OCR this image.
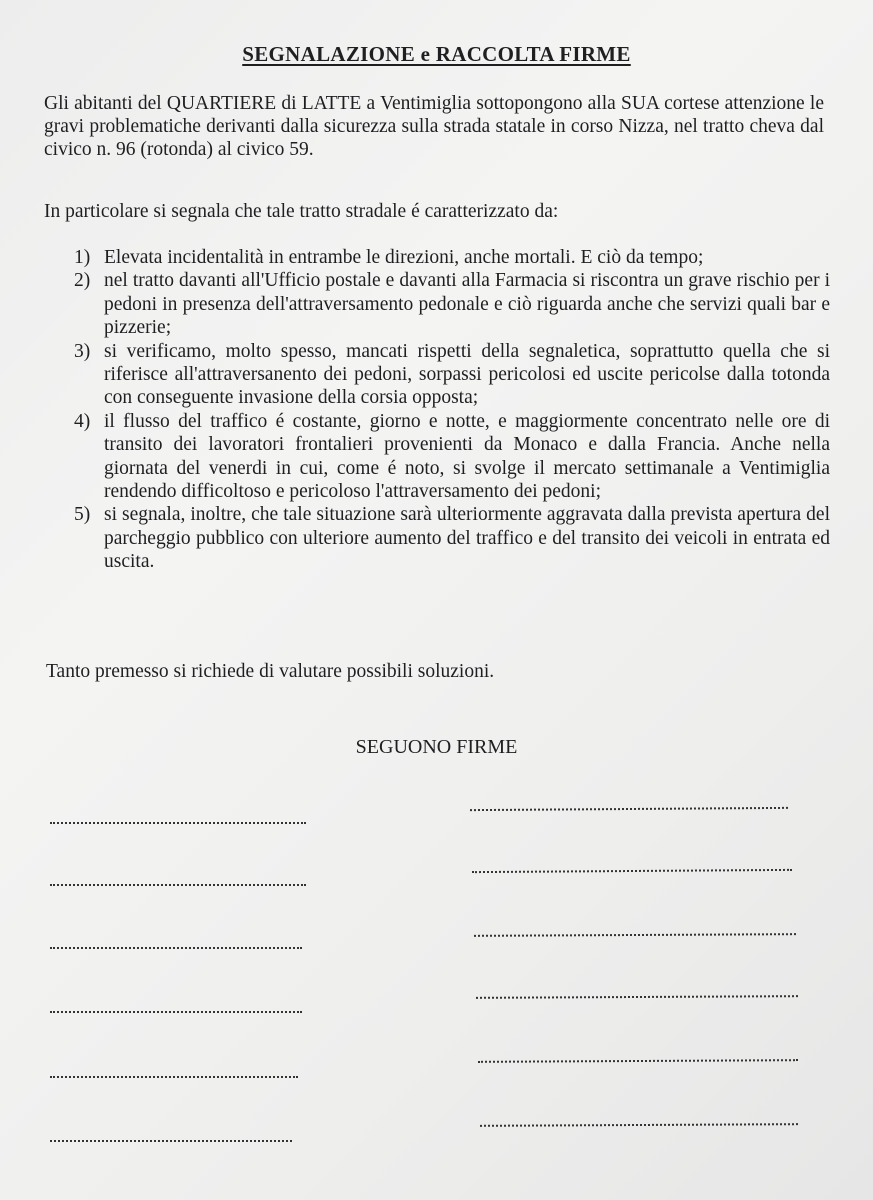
SEGNALAZIONE e RACCOLTA FIRME
Gli abitanti del QUARTIERE di LATTE a Ventimiglia sottopongono alla SUA cortese attenzione le gravi problematiche derivanti dalla sicurezza sulla strada statale in corso Nizza, nel tratto cheva dal civico n. 96 (rotonda) al civico 59.
In particolare si segnala che tale tratto stradale é caratterizzato da:
1) Elevata incidentalità in entrambe le direzioni, anche mortali. E ciò da tempo;
2) nel tratto davanti all'Ufficio postale e davanti alla Farmacia si riscontra un grave rischio per i pedoni in presenza dell'attraversamento pedonale e ciò riguarda anche che servizi quali bar e pizzerie;
3) si verificamo, molto spesso, mancati rispetti della segnaletica, soprattutto quella che si riferisce all'attraversanento dei pedoni, sorpassi pericolosi ed uscite pericolse dalla totonda con conseguente invasione della corsia opposta;
4) il flusso del traffico é costante, giorno e notte, e maggiormente concentrato nelle ore di transito dei lavoratori frontalieri provenienti da Monaco e dalla Francia. Anche nella giornata del venerdi in cui, come é noto, si svolge il mercato settimanale a Ventimiglia rendendo difficoltoso e pericoloso l'attraversamento dei pedoni;
5) si segnala, inoltre, che tale situazione sarà ulteriormente aggravata dalla prevista apertura del parcheggio pubblico con ulteriore aumento del traffico e del transito dei veicoli in entrata ed uscita.
Tanto premesso si richiede di valutare possibili soluzioni.
SEGUONO FIRME
